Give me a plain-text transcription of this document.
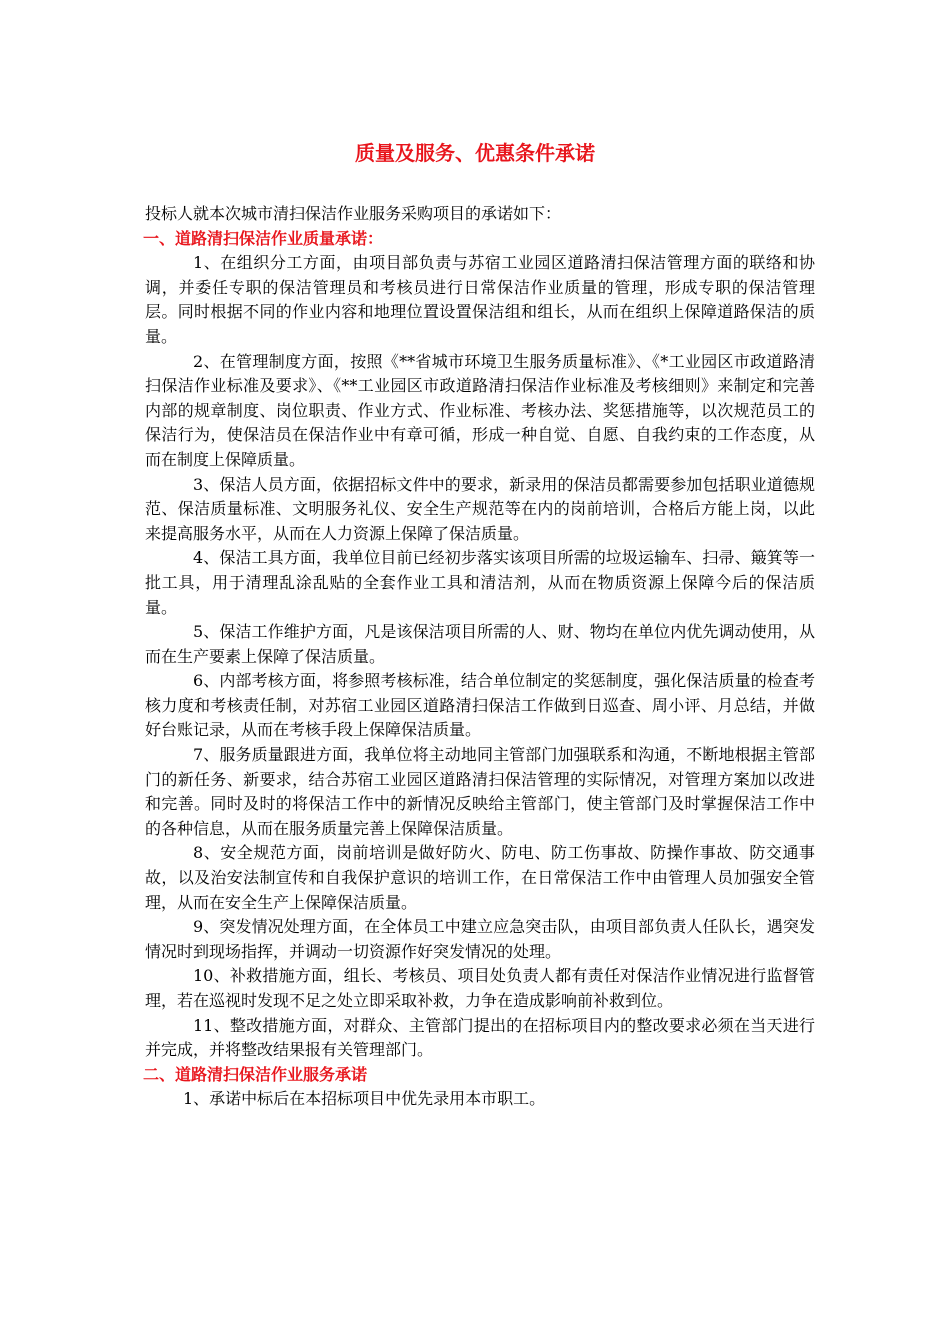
质量及服务、优惠条件承诺

投标人就本次城市清扫保洁作业服务采购项目的承诺如下：

一、道路清扫保洁作业质量承诺：

1、在组织分工方面，由项目部负责与苏宿工业园区道路清扫保洁管理方面的联络和协调，并委任专职的保洁管理员和考核员进行日常保洁作业质量的管理，形成专职的保洁管理层。同时根据不同的作业内容和地理位置设置保洁组和组长，从而在组织上保障道路保洁的质量。

2、在管理制度方面，按照《**省城市环境卫生服务质量标准》、《*工业园区市政道路清扫保洁作业标准及要求》、《**工业园区市政道路清扫保洁作业标准及考核细则》来制定和完善内部的规章制度、岗位职责、作业方式、作业标准、考核办法、奖惩措施等，以次规范员工的保洁行为，使保洁员在保洁作业中有章可循，形成一种自觉、自愿、自我约束的工作态度，从而在制度上保障质量。

3、保洁人员方面，依据招标文件中的要求，新录用的保洁员都需要参加包括职业道德规范、保洁质量标准、文明服务礼仪、安全生产规范等在内的岗前培训，合格后方能上岗，以此来提高服务水平，从而在人力资源上保障了保洁质量。

4、保洁工具方面，我单位目前已经初步落实该项目所需的垃圾运输车、扫帚、簸箕等一批工具，用于清理乱涂乱贴的全套作业工具和清洁剂，从而在物质资源上保障今后的保洁质量。

5、保洁工作维护方面，凡是该保洁项目所需的人、财、物均在单位内优先调动使用，从而在生产要素上保障了保洁质量。

6、内部考核方面，将参照考核标准，结合单位制定的奖惩制度，强化保洁质量的检查考核力度和考核责任制，对苏宿工业园区道路清扫保洁工作做到日巡查、周小评、月总结，并做好台账记录，从而在考核手段上保障保洁质量。

7、服务质量跟进方面，我单位将主动地同主管部门加强联系和沟通，不断地根据主管部门的新任务、新要求，结合苏宿工业园区道路清扫保洁管理的实际情况，对管理方案加以改进和完善。同时及时的将保洁工作中的新情况反映给主管部门，使主管部门及时掌握保洁工作中的各种信息，从而在服务质量完善上保障保洁质量。

8、安全规范方面，岗前培训是做好防火、防电、防工伤事故、防操作事故、防交通事故，以及治安法制宣传和自我保护意识的培训工作，在日常保洁工作中由管理人员加强安全管理，从而在安全生产上保障保洁质量。

9、突发情况处理方面，在全体员工中建立应急突击队，由项目部负责人任队长，遇突发情况时到现场指挥，并调动一切资源作好突发情况的处理。

10、补救措施方面，组长、考核员、项目处负责人都有责任对保洁作业情况进行监督管理，若在巡视时发现不足之处立即采取补救，力争在造成影响前补救到位。

11、整改措施方面，对群众、主管部门提出的在招标项目内的整改要求必须在当天进行并完成，并将整改结果报有关管理部门。

二、道路清扫保洁作业服务承诺

1、承诺中标后在本招标项目中优先录用本市职工。
